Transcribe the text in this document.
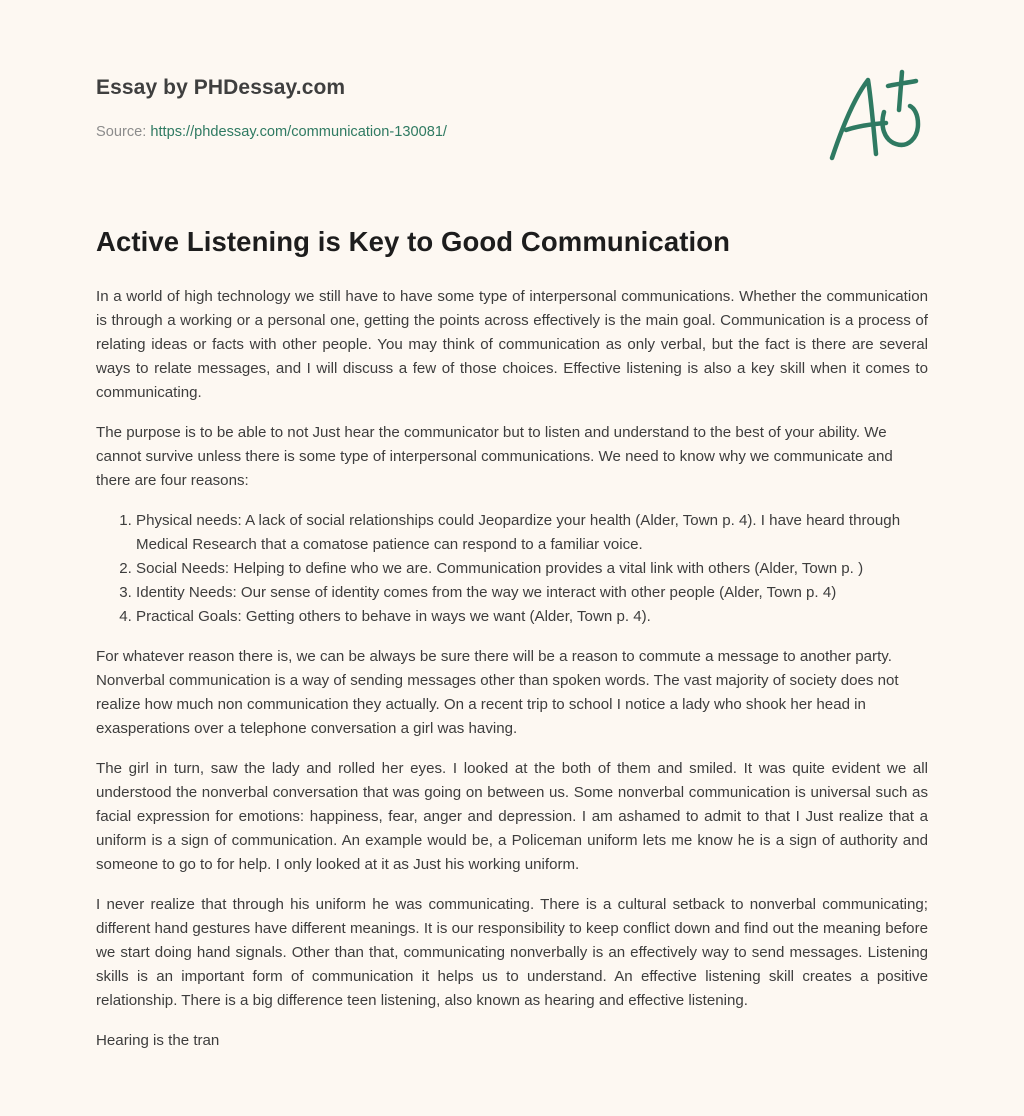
Essay by PHDessay.com
Source: https://phdessay.com/communication-130081/
Active Listening is Key to Good Communication

In a world of high technology we still have to have some type of interpersonal communications. Whether the communication is through a working or a personal one, getting the points across effectively is the main goal. Communication is a process of relating ideas or facts with other people. You may think of communication as only verbal, but the fact is there are several ways to relate messages, and I will discuss a few of those choices. Effective listening is also a key skill when it comes to communicating.

The purpose is to be able to not Just hear the communicator but to listen and understand to the best of your ability. We cannot survive unless there is some type of interpersonal communications. We need to know why we communicate and there are four reasons:

1. Physical needs: A lack of social relationships could Jeopardize your health (Alder, Town p. 4). I have heard through Medical Research that a comatose patience can respond to a familiar voice.
2. Social Needs: Helping to define who we are. Communication provides a vital link with others (Alder, Town p. )
3. Identity Needs: Our sense of identity comes from the way we interact with other people (Alder, Town p. 4)
4. Practical Goals: Getting others to behave in ways we want (Alder, Town p. 4).

For whatever reason there is, we can be always be sure there will be a reason to commute a message to another party. Nonverbal communication is a way of sending messages other than spoken words. The vast majority of society does not realize how much non communication they actually. On a recent trip to school I notice a lady who shook her head in exasperations over a telephone conversation a girl was having.

The girl in turn, saw the lady and rolled her eyes. I looked at the both of them and smiled. It was quite evident we all understood the nonverbal conversation that was going on between us. Some nonverbal communication is universal such as facial expression for emotions: happiness, fear, anger and depression. I am ashamed to admit to that I Just realize that a uniform is a sign of communication. An example would be, a Policeman uniform lets me know he is a sign of authority and someone to go to for help. I only looked at it as Just his working uniform.

I never realize that through his uniform he was communicating. There is a cultural setback to nonverbal communicating; different hand gestures have different meanings. It is our responsibility to keep conflict down and find out the meaning before we start doing hand signals. Other than that, communicating nonverbally is an effectively way to send messages. Listening skills is an important form of communication it helps us to understand. An effective listening skill creates a positive relationship. There is a big difference teen listening, also known as hearing and effective listening.

Hearing is the tran
